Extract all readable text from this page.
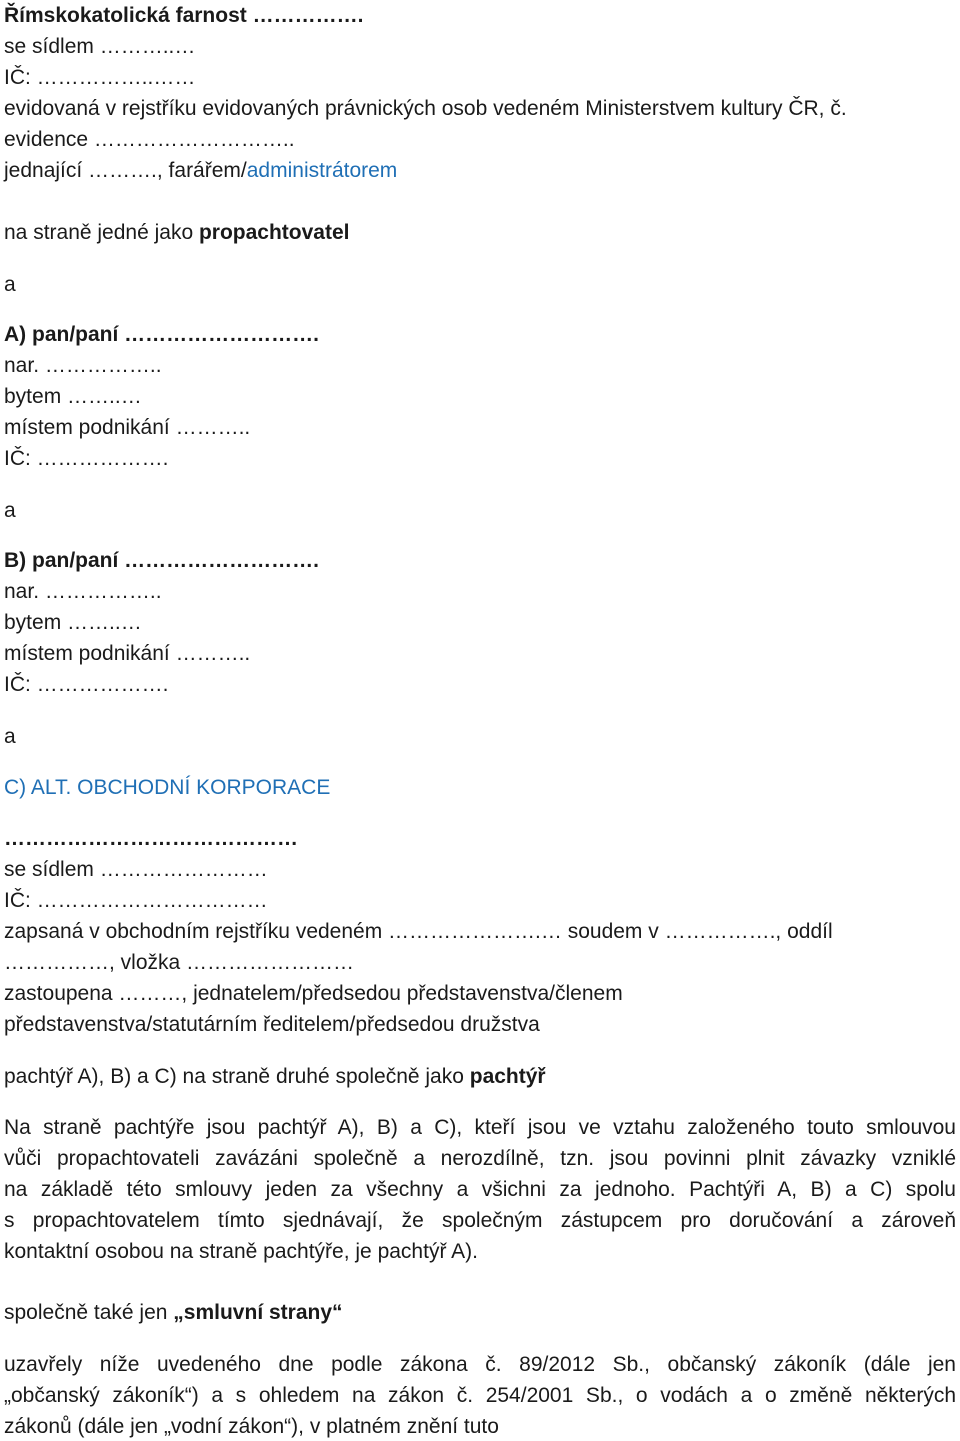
Římskokatolická farnost …………….
se sídlem ………..…
IČ: ……………..……
evidovaná v rejstříku evidovaných právnických osob vedeném Ministerstvem kultury ČR, č.
evidence ………………………..
jednající ………., farářem/administrátorem
na straně jedné jako propachtovatel
a
A) pan/paní ……………………….
nar. ……………..
bytem ……..…
místem podnikání ………..
IČ: ……………….
a
B) pan/paní ……………………….
nar. ……………..
bytem ……..…
místem podnikání ………..
IČ: ……………….
a
C) ALT. OBCHODNÍ KORPORACE
……………………………………
se sídlem ……………………
IČ: ……………………………
zapsaná v obchodním rejstříku vedeném ………………….… soudem v ……………., oddíl
……………, vložka ……………………
zastoupena ………, jednatelem/předsedou představenstva/členem
představenstva/statutárním ředitelem/předsedou družstva
pachtýř A), B) a C) na straně druhé společně jako pachtýř
Na straně pachtýře jsou pachtýř A), B) a C), kteří jsou ve vztahu založeného touto smlouvou
vůči propachtovateli zavázáni společně a nerozdílně, tzn. jsou povinni plnit závazky vzniklé
na základě této smlouvy jeden za všechny a všichni za jednoho. Pachtýři A, B) a C) spolu
s propachtovatelem tímto sjednávají, že společným zástupcem pro doručování a zároveň
kontaktní osobou na straně pachtýře, je pachtýř A).
společně také jen „smluvní strany“
uzavřely níže uvedeného dne podle zákona č. 89/2012 Sb., občanský zákoník (dále jen
„občanský zákoník“) a s ohledem na zákon č. 254/2001 Sb., o vodách a o změně některých
zákonů (dále jen „vodní zákon“), v platném znění tuto
